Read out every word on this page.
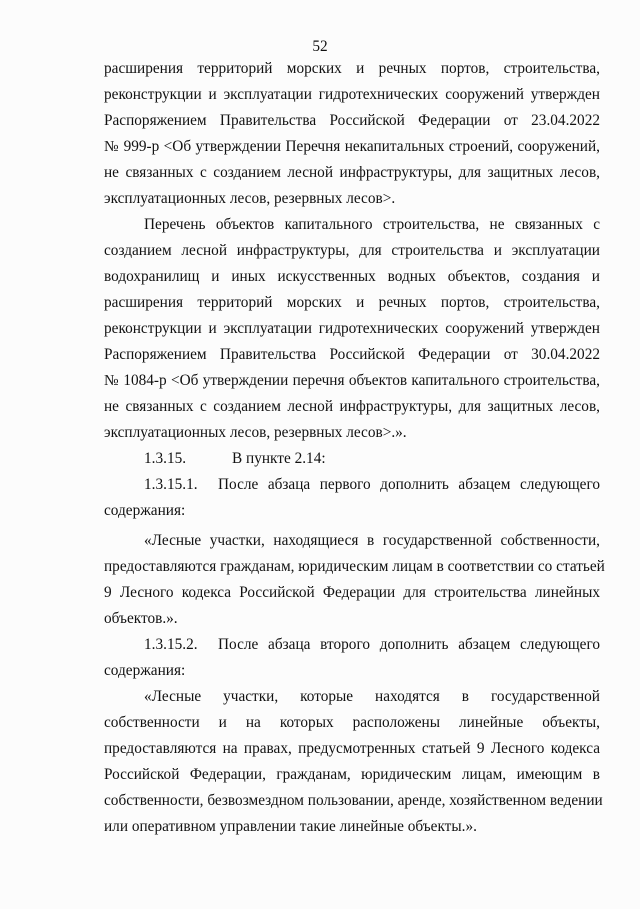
52
расширения территорий морских и речных портов, строительства,
реконструкции и эксплуатации гидротехнических сооружений утвержден
Распоряжением Правительства Российской Федерации от 23.04.2022
№ 999-р <Об утверждении Перечня некапитальных строений, сооружений,
не связанных с созданием лесной инфраструктуры, для защитных лесов,
эксплуатационных лесов, резервных лесов>.
Перечень объектов капитального строительства, не связанных с
созданием лесной инфраструктуры, для строительства и эксплуатации
водохранилищ и иных искусственных водных объектов, создания и
расширения территорий морских и речных портов, строительства,
реконструкции и эксплуатации гидротехнических сооружений утвержден
Распоряжением Правительства Российской Федерации от 30.04.2022
№ 1084-р <Об утверждении перечня объектов капитального строительства,
не связанных с созданием лесной инфраструктуры, для защитных лесов,
эксплуатационных лесов, резервных лесов>.».
1.3.15.	В пункте 2.14:
1.3.15.1.	После абзаца первого дополнить абзацем следующего
содержания:
«Лесные участки, находящиеся в государственной собственности,
предоставляются гражданам, юридическим лицам в соответствии со статьей
9 Лесного кодекса Российской Федерации для строительства линейных
объектов.».
1.3.15.2.	После абзаца второго дополнить абзацем следующего
содержания:
«Лесные участки, которые находятся в государственной
собственности и на которых расположены линейные объекты,
предоставляются на правах, предусмотренных статьей 9 Лесного кодекса
Российской Федерации, гражданам, юридическим лицам, имеющим в
собственности, безвозмездном пользовании, аренде, хозяйственном ведении
или оперативном управлении такие линейные объекты.».
